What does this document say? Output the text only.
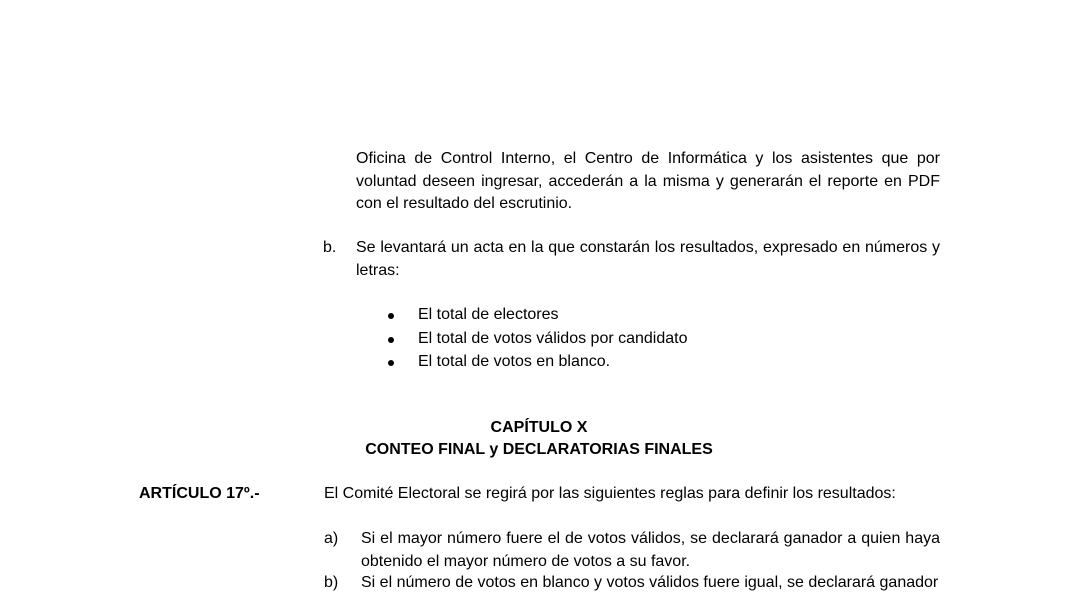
Oficina de Control Interno, el Centro de Informática y los asistentes que por voluntad deseen ingresar, accederán a la misma y generarán el reporte en PDF con el resultado del escrutinio.

b. Se levantará un acta en la que constarán los resultados, expresado en números y letras:

El total de electores
El total de votos válidos por candidato
El total de votos en blanco.

CAPÍTULO X

CONTEO FINAL y DECLARATORIAS FINALES

ARTÍCULO 17º.-	El Comité Electoral se regirá por las siguientes reglas para definir los resultados:

a) Si el mayor número fuere el de votos válidos, se declarará ganador a quien haya obtenido el mayor número de votos a su favor.

b) Si el número de votos en blanco y votos válidos fuere igual, se declarará ganador
